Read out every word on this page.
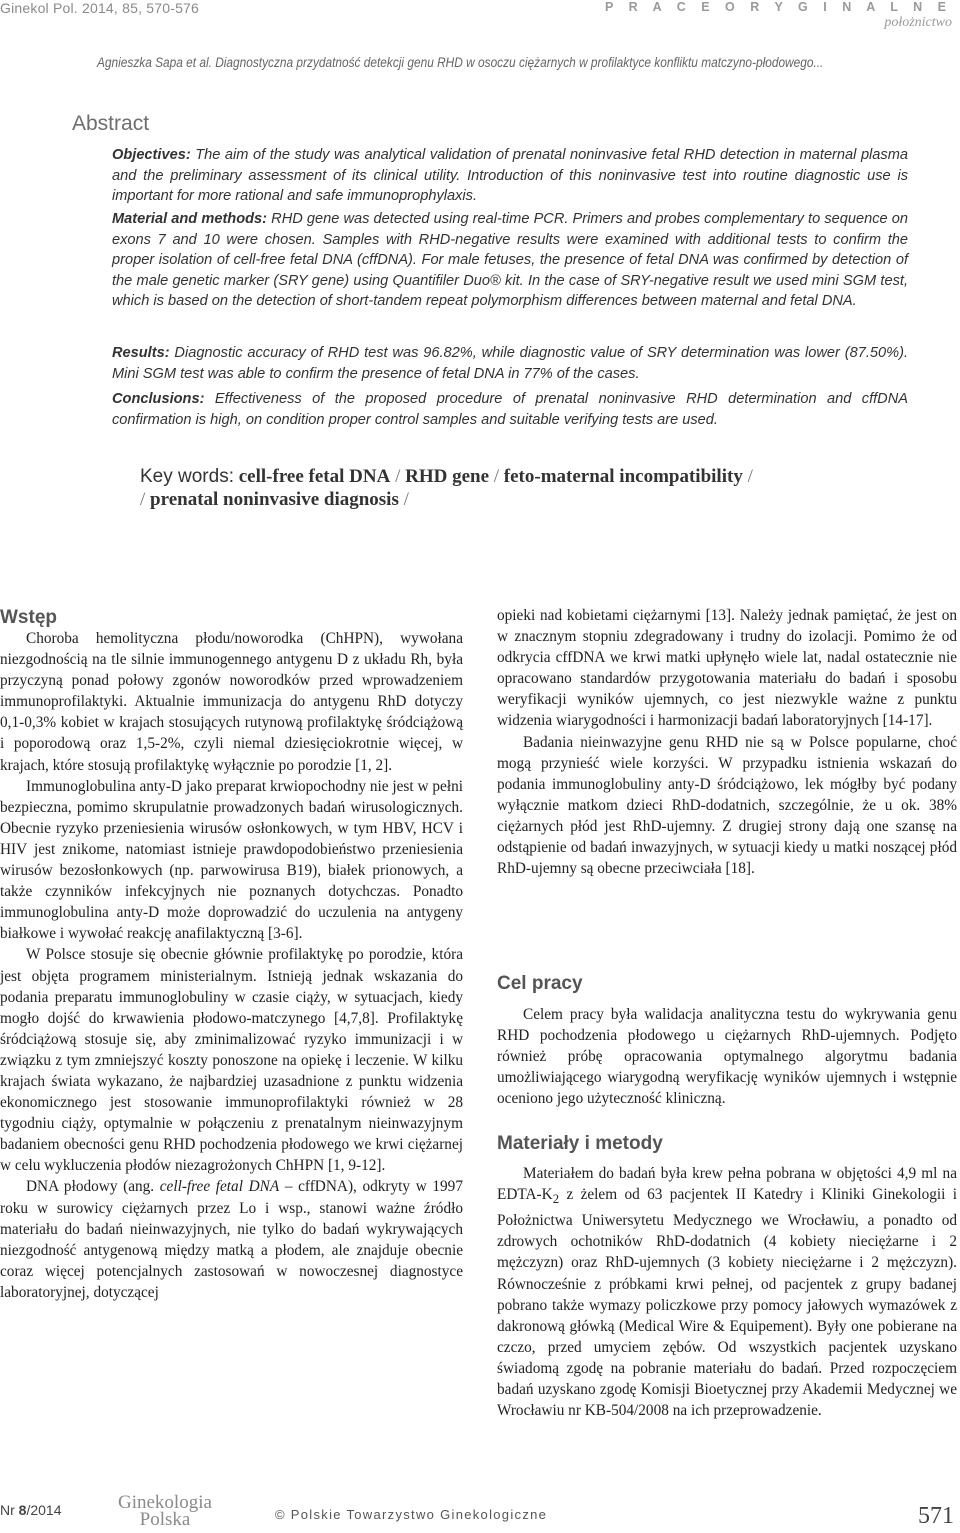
Ginekol Pol. 2014, 85, 570-576	P R A C E O R Y G I N A L N E
położnictwo
Agnieszka Sapa et al. Diagnostyczna przydatność detekcji genu RHD w osoczu ciężarnych w profilaktyce konfliktu matczyno-płodowego...
Abstract
Objectives: The aim of the study was analytical validation of prenatal noninvasive fetal RHD detection in maternal plasma and the preliminary assessment of its clinical utility. Introduction of this noninvasive test into routine diagnostic use is important for more rational and safe immunoprophylaxis.
Material and methods: RHD gene was detected using real-time PCR. Primers and probes complementary to sequence on exons 7 and 10 were chosen. Samples with RHD-negative results were examined with additional tests to confirm the proper isolation of cell-free fetal DNA (cffDNA). For male fetuses, the presence of fetal DNA was confirmed by detection of the male genetic marker (SRY gene) using Quantifiler Duo® kit. In the case of SRY-negative result we used mini SGM test, which is based on the detection of short-tandem repeat polymorphism differences between maternal and fetal DNA.
Results: Diagnostic accuracy of RHD test was 96.82%, while diagnostic value of SRY determination was lower (87.50%). Mini SGM test was able to confirm the presence of fetal DNA in 77% of the cases.
Conclusions: Effectiveness of the proposed procedure of prenatal noninvasive RHD determination and cffDNA confirmation is high, on condition proper control samples and suitable verifying tests are used.
Key words: cell-free fetal DNA / RHD gene / feto-maternal incompatibility /
/ prenatal noninvasive diagnosis /
Wstęp

Choroba hemolityczna płodu/noworodka (ChHPN), wywołana niezgodnością na tle silnie immunogennego antygenu D z układu Rh, była przyczyną ponad połowy zgonów noworodków przed wprowadzeniem immunoprofilaktyki. Aktualnie immunizacja do antygenu RhD dotyczy 0,1-0,3% kobiet w krajach stosujących rutynową profilaktykę śródciążową i poporodową oraz 1,5-2%, czyli niemal dziesięciokrotnie więcej, w krajach, które stosują profilaktykę wyłącznie po porodzie [1, 2].

Immunoglobulina anty-D jako preparat krwiopochodny nie jest w pełni bezpieczna, pomimo skrupulatnie prowadzonych badań wirusologicznych. Obecnie ryzyko przeniesienia wirusów osłonkowych, w tym HBV, HCV i HIV jest znikome, natomiast istnieje prawdopodobieństwo przeniesienia wirusów bezosłonkowych (np. parwowirusa B19), białek prionowych, a także czynników infekcyjnych nie poznanych dotychczas. Ponadto immunoglobulina anty-D może doprowadzić do uczulenia na antygeny białkowe i wywołać reakcję anafilaktyczną [3-6].

W Polsce stosuje się obecnie głównie profilaktykę po porodzie, która jest objęta programem ministerialnym. Istnieją jednak wskazania do podania preparatu immunoglobuliny w czasie ciąży, w sytuacjach, kiedy mogło dojść do krwawienia płodowo-matczynego [4,7,8]. Profilaktykę śródciążową stosuje się, aby zminimalizować ryzyko immunizacji i w związku z tym zmniejszyć koszty ponoszone na opiekę i leczenie. W kilku krajach świata wykazano, że najbardziej uzasadnione z punktu widzenia ekonomicznego jest stosowanie immunoprofilaktyki również w 28 tygodniu ciąży, optymalnie w połączeniu z prenatalnym nieinwazyjnym badaniem obecności genu RHD pochodzenia płodowego we krwi ciężarnej w celu wykluczenia płodów niezagrożonych ChHPN [1, 9-12].

DNA płodowy (ang. cell-free fetal DNA – cffDNA), odkryty w 1997 roku w surowicy ciężarnych przez Lo i wsp., stanowi ważne źródło materiału do badań nieinwazyjnych, nie tylko do badań wykrywających niezgodność antygenową między matką a płodem, ale znajduje obecnie coraz więcej potencjalnych zastosowań w nowoczesnej diagnostyce laboratoryjnej, dotyczącej

opieki nad kobietami ciężarnymi [13]. Należy jednak pamiętać, że jest on w znacznym stopniu zdegradowany i trudny do izolacji. Pomimo że od odkrycia cffDNA we krwi matki upłynęło wiele lat, nadal ostatecznie nie opracowano standardów przygotowania materiału do badań i sposobu weryfikacji wyników ujemnych, co jest niezwykle ważne z punktu widzenia wiarygodności i harmonizacji badań laboratoryjnych [14-17].

Badania nieinwazyjne genu RHD nie są w Polsce popularne, choć mogą przynieść wiele korzyści. W przypadku istnienia wskazań do podania immunoglobuliny anty-D śródciążowo, lek mógłby być podany wyłącznie matkom dzieci RhD-dodatnich, szczególnie, że u ok. 38% ciężarnych płód jest RhD-ujemny. Z drugiej strony dają one szansę na odstąpienie od badań inwazyjnych, w sytuacji kiedy u matki noszącej płód RhD-ujemny są obecne przeciwciała [18].

Cel pracy

Celem pracy była walidacja analityczna testu do wykrywania genu RHD pochodzenia płodowego u ciężarnych RhD-ujemnych. Podjęto również próbę opracowania optymalnego algorytmu badania umożliwiającego wiarygodną weryfikację wyników ujemnych i wstępnie oceniono jego użyteczność kliniczną.

Materiały i metody

Materiałem do badań była krew pełna pobrana w objętości 4,9 ml na EDTA-$K_2$ z żelem od 63 pacjentek II Katedry i Kliniki Ginekologii i Położnictwa Uniwersytetu Medycznego we Wrocławiu, a ponadto od zdrowych ochotników RhD-dodatnich (4 kobiety nieciężarne i 2 mężczyzn) oraz RhD-ujemnych (3 kobiety nieciężarne i 2 mężczyzn). Równocześnie z próbkami krwi pełnej, od pacjentek z grupy badanej pobrano także wymazy policzkowe przy pomocy jałowych wymazówek z dakronową główką (Medical Wire & Equipement). Były one pobierane na czczo, przed umyciem zębów. Od wszystkich pacjentek uzyskano świadomą zgodę na pobranie materiału do badań. Przed rozpoczęciem badań uzyskano zgodę Komisji Bioetycznej przy Akademii Medycznej we Wrocławiu nr KB-504/2008 na ich przeprowadzenie.

Nr 8/2014	Ginekologia
Polska	© Polskie Towarzystwo Ginekologiczne	571
